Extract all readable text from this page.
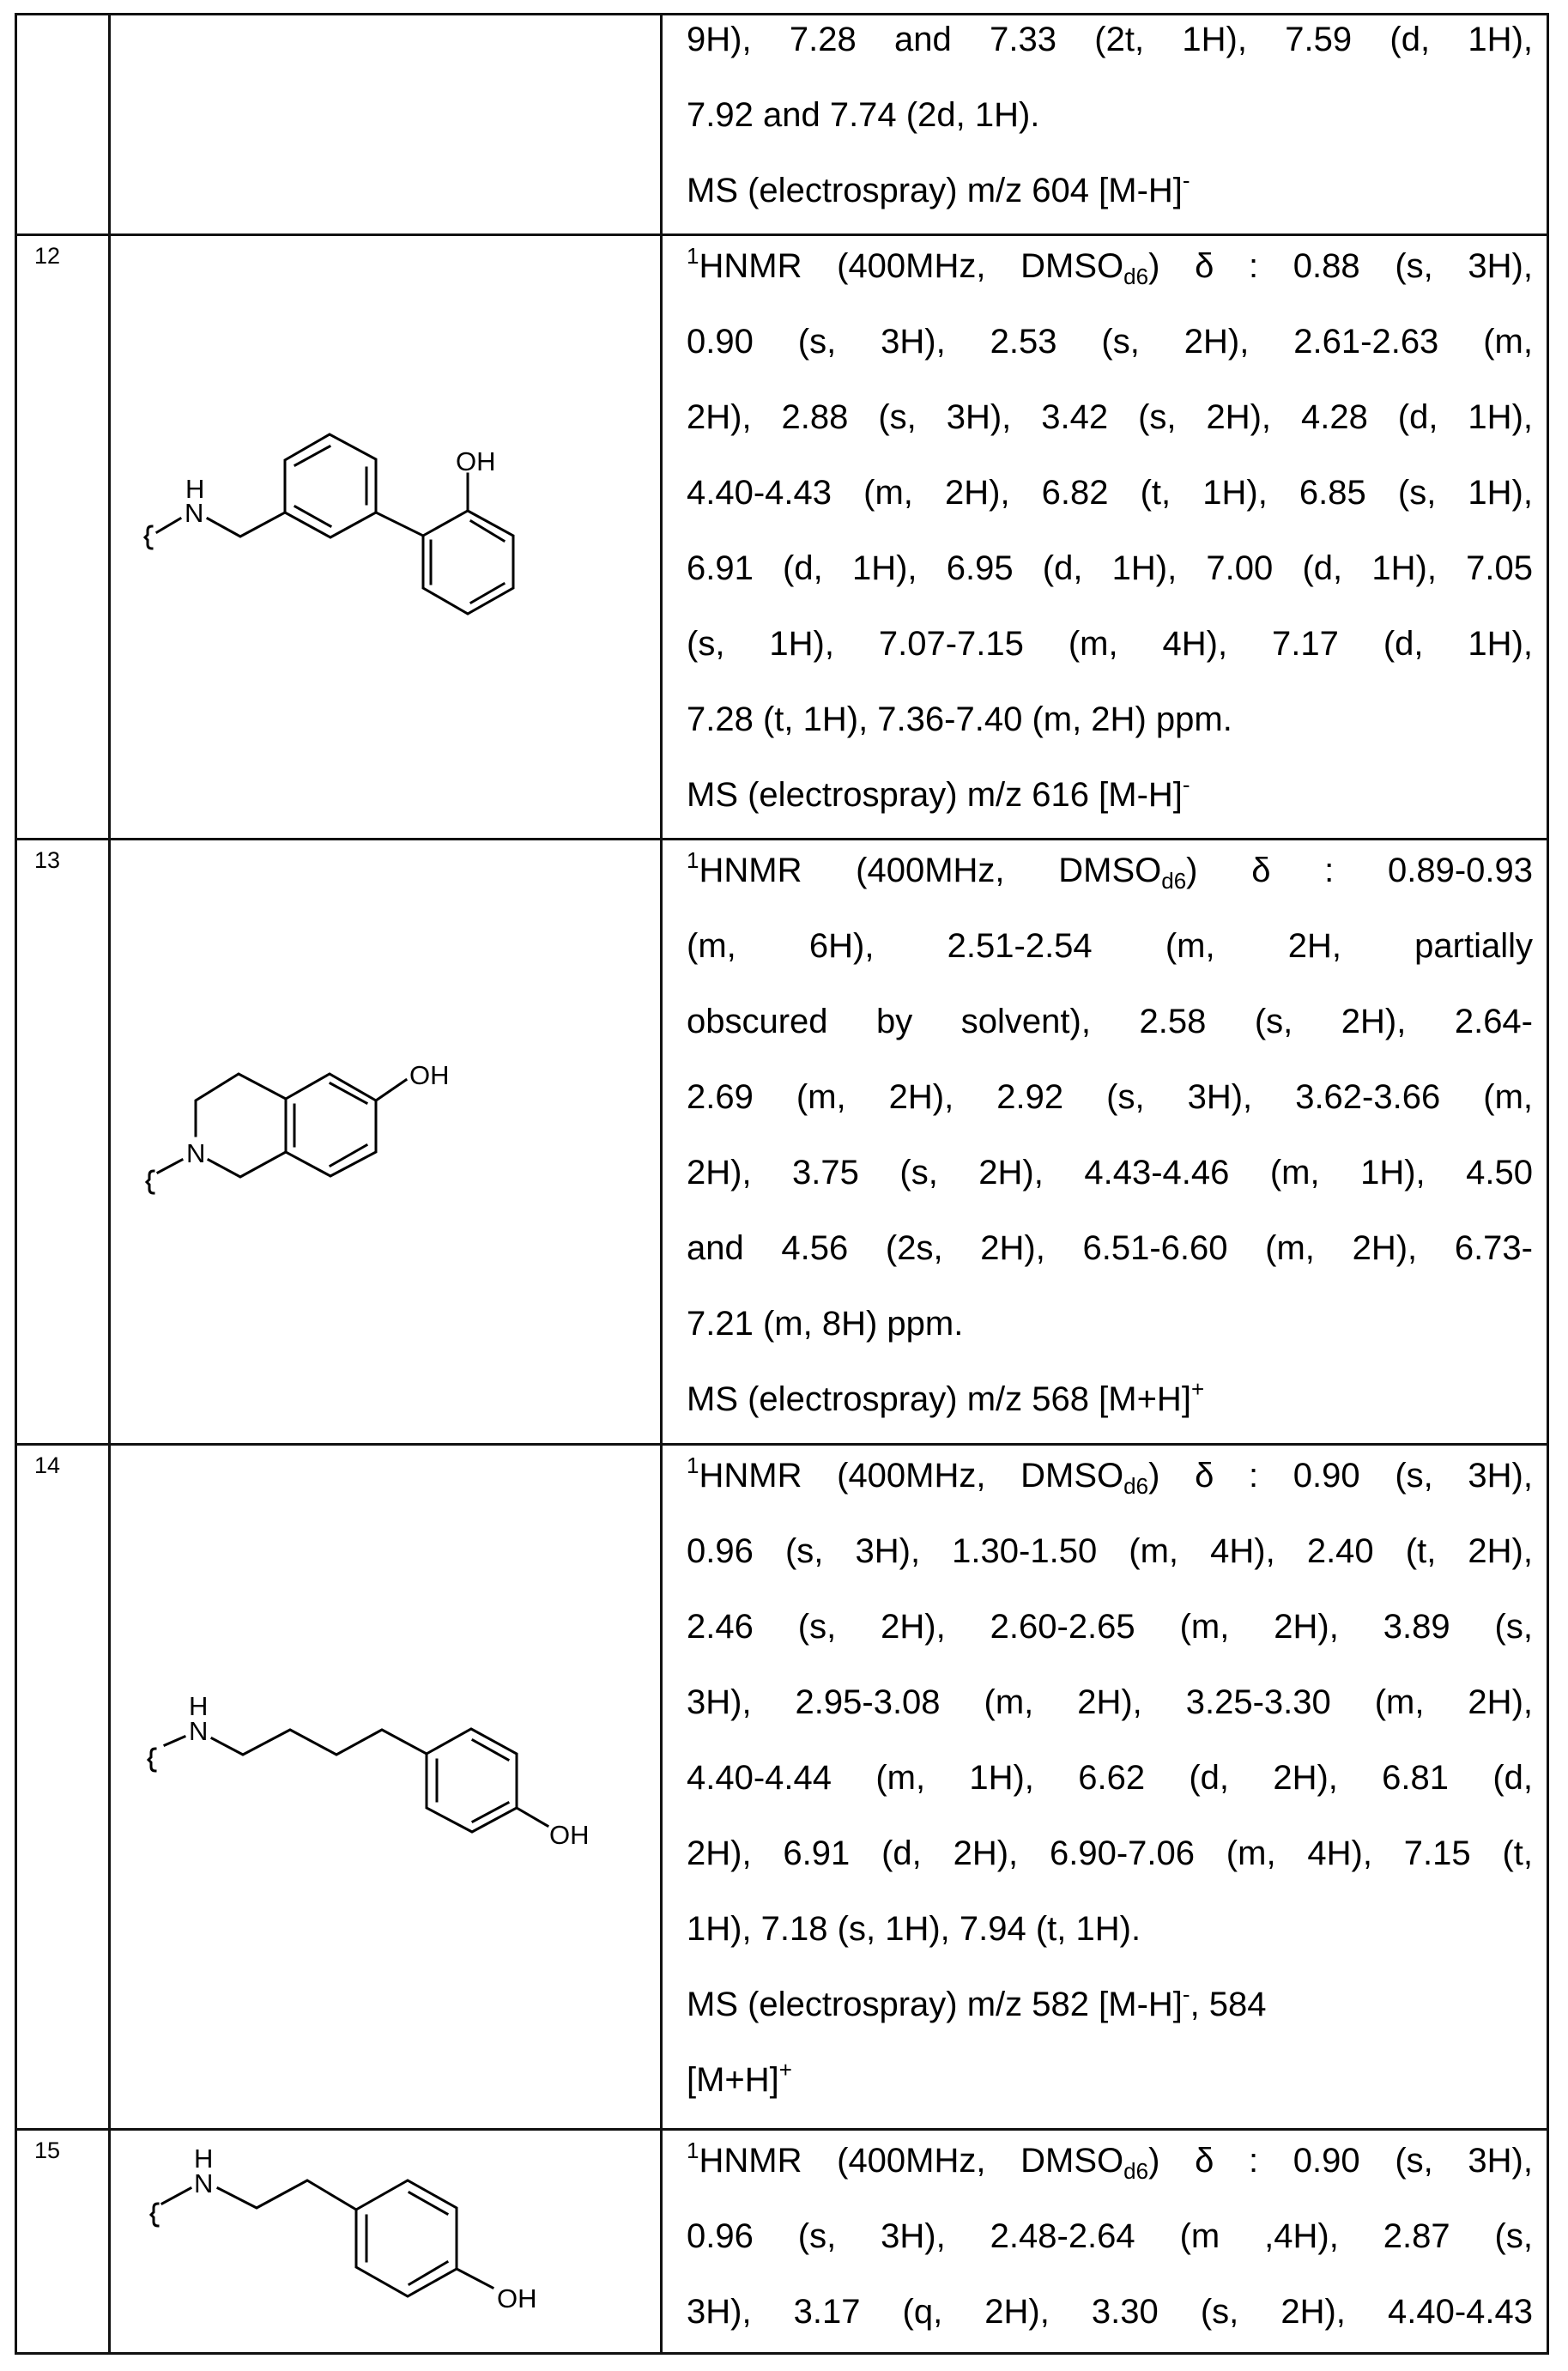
12
13
14
15
9H), 7.28 and 7.33 (2t, 1H), 7.59 (d, 1H),
7.92 and 7.74 (2d, 1H).
MS (electrospray) m/z 604 [M-H]-
1HNMR (400MHz, DMSOd6) δ : 0.88 (s, 3H),
0.90 (s, 3H), 2.53 (s, 2H), 2.61-2.63 (m,
2H), 2.88 (s, 3H), 3.42 (s, 2H), 4.28 (d, 1H),
4.40-4.43 (m, 2H), 6.82 (t, 1H), 6.85 (s, 1H),
6.91 (d, 1H), 6.95 (d, 1H), 7.00 (d, 1H), 7.05
(s, 1H), 7.07-7.15 (m, 4H), 7.17 (d, 1H),
7.28 (t, 1H), 7.36-7.40 (m, 2H) ppm.
MS (electrospray) m/z 616 [M-H]-
1HNMR (400MHz, DMSOd6) δ : 0.89-0.93
(m, 6H), 2.51-2.54 (m, 2H, partially
obscured by solvent), 2.58 (s, 2H), 2.64-
2.69 (m, 2H), 2.92 (s, 3H), 3.62-3.66 (m,
2H), 3.75 (s, 2H), 4.43-4.46 (m, 1H), 4.50
and 4.56 (2s, 2H), 6.51-6.60 (m, 2H), 6.73-
7.21 (m, 8H) ppm.
MS (electrospray) m/z 568 [M+H]+
1HNMR (400MHz, DMSOd6) δ : 0.90 (s, 3H),
0.96 (s, 3H), 1.30-1.50 (m, 4H), 2.40 (t, 2H),
2.46 (s, 2H), 2.60-2.65 (m, 2H), 3.89 (s,
3H), 2.95-3.08 (m, 2H), 3.25-3.30 (m, 2H),
4.40-4.44 (m, 1H), 6.62 (d, 2H), 6.81 (d,
2H), 6.91 (d, 2H), 6.90-7.06 (m, 4H), 7.15 (t,
1H), 7.18 (s, 1H), 7.94 (t, 1H).
MS (electrospray) m/z 582 [M-H]-, 584
[M+H]+
1HNMR (400MHz, DMSOd6) δ : 0.90 (s, 3H),
0.96 (s, 3H), 2.48-2.64 (m ,4H), 2.87 (s,
3H), 3.17 (q, 2H), 3.30 (s, 2H), 4.40-4.43
H
N
OH
N
OH
H
N
OH
H
N
OH
